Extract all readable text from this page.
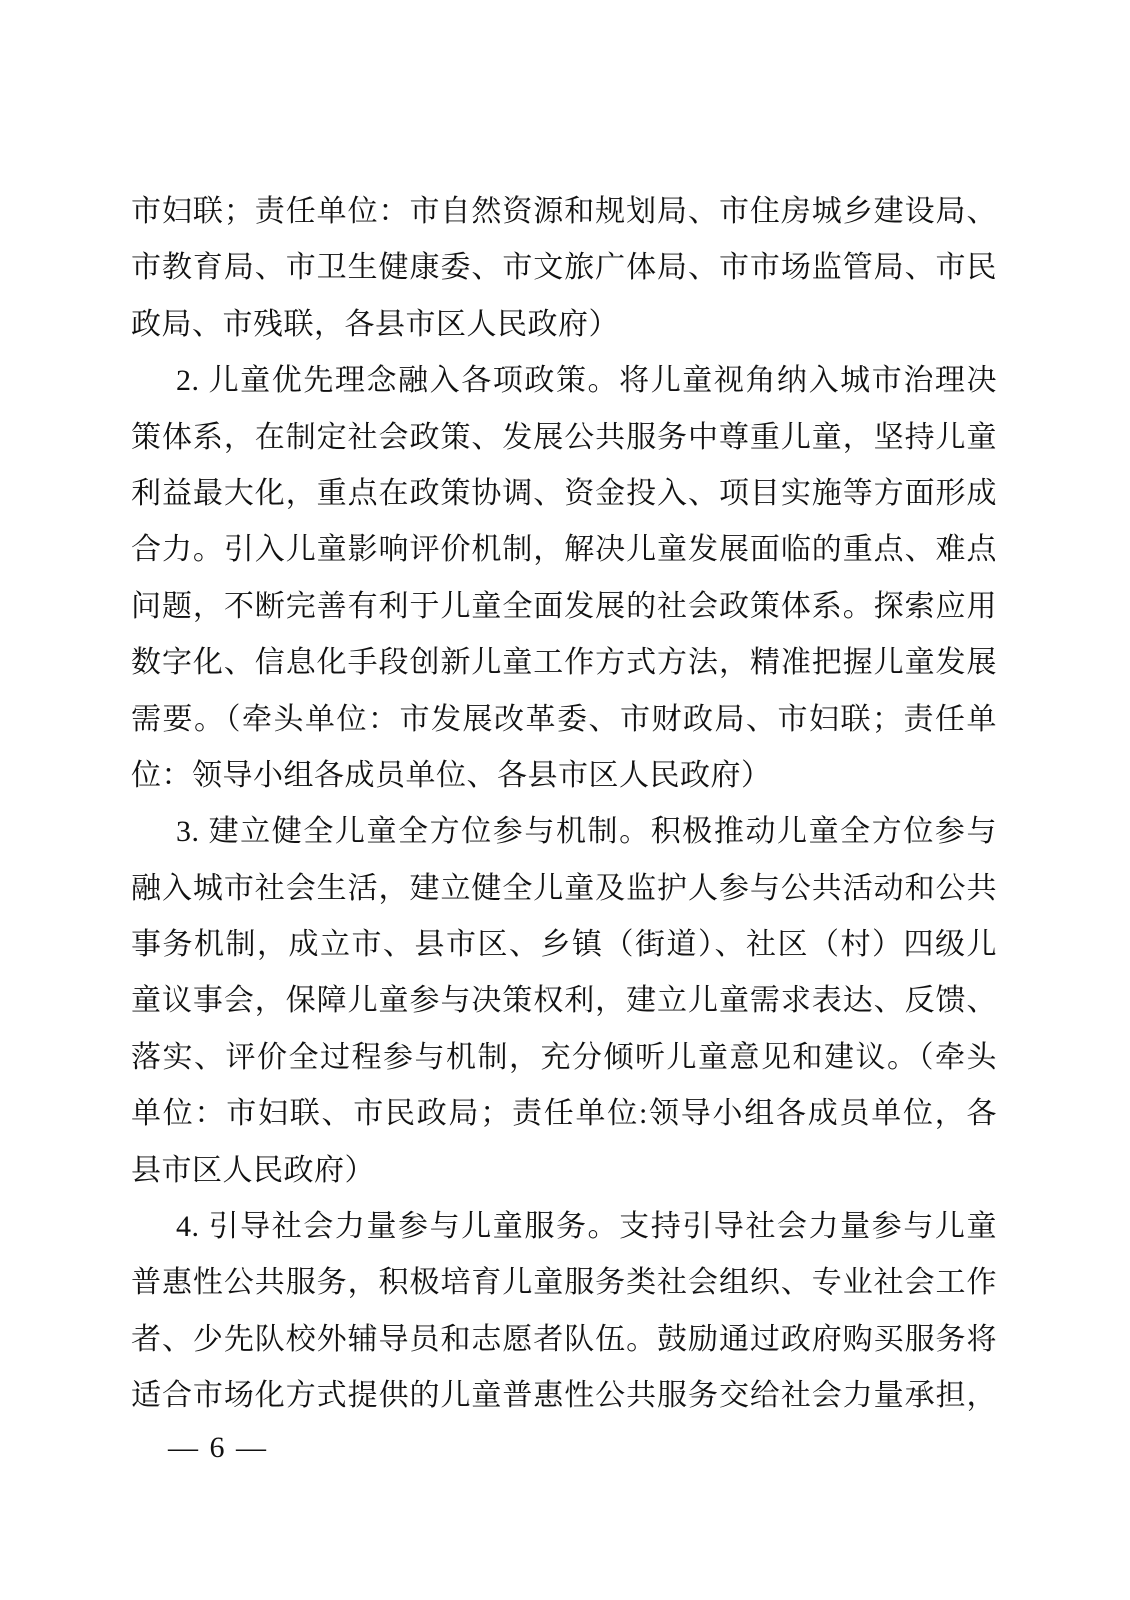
市妇联；责任单位：市自然资源和规划局、市住房城乡建设局、
市教育局、市卫生健康委、市文旅广体局、市市场监管局、市民
政局、市残联，各县市区人民政府）
2. 儿童优先理念融入各项政策。将儿童视角纳入城市治理决
策体系，在制定社会政策、发展公共服务中尊重儿童，坚持儿童
利益最大化，重点在政策协调、资金投入、项目实施等方面形成
合力。引入儿童影响评价机制，解决儿童发展面临的重点、难点
问题，不断完善有利于儿童全面发展的社会政策体系。探索应用
数字化、信息化手段创新儿童工作方式方法，精准把握儿童发展
需要。（牵头单位：市发展改革委、市财政局、市妇联；责任单
位：领导小组各成员单位、各县市区人民政府）
3. 建立健全儿童全方位参与机制。积极推动儿童全方位参与
融入城市社会生活，建立健全儿童及监护人参与公共活动和公共
事务机制，成立市、县市区、乡镇（街道）、社区（村）四级儿
童议事会，保障儿童参与决策权利，建立儿童需求表达、反馈、
落实、评价全过程参与机制，充分倾听儿童意见和建议。（牵头
单位：市妇联、市民政局；责任单位:领导小组各成员单位，各
县市区人民政府）
4. 引导社会力量参与儿童服务。支持引导社会力量参与儿童
普惠性公共服务，积极培育儿童服务类社会组织、专业社会工作
者、少先队校外辅导员和志愿者队伍。鼓励通过政府购买服务将
适合市场化方式提供的儿童普惠性公共服务交给社会力量承担，
— 6 —
